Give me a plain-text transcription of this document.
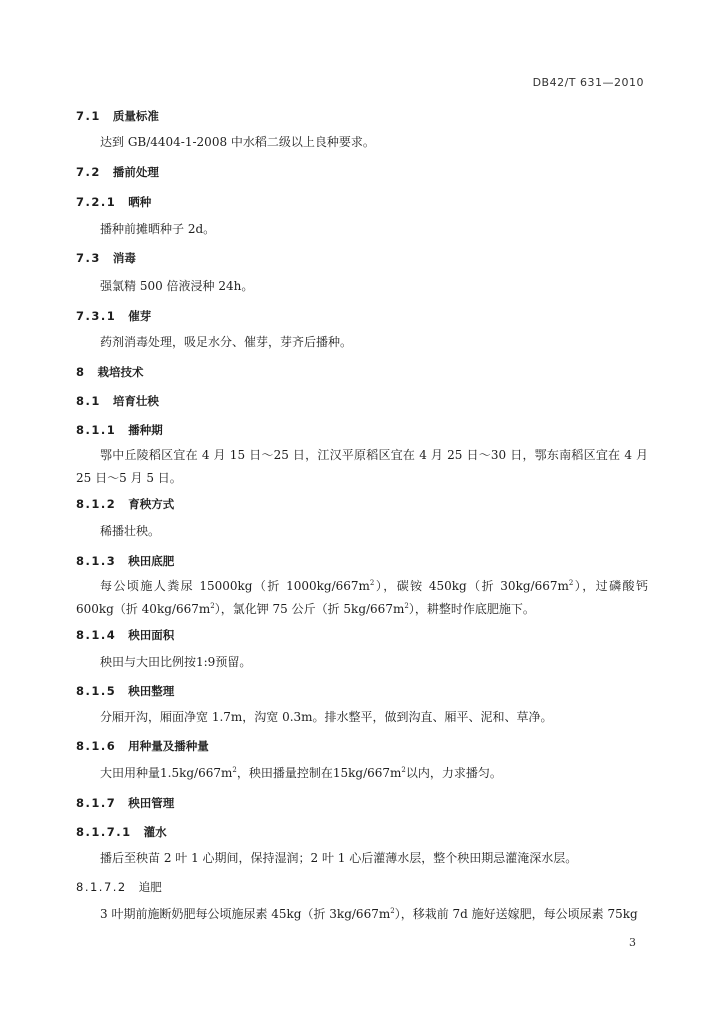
DB42/T 631—2010
7.1 质量标准
达到 GB/4404-1-2008 中水稻二级以上良种要求。
7.2 播前处理
7.2.1 晒种
播种前摊晒种子 2d。
7.3 消毒
强氯精 500 倍液浸种 24h。
7.3.1 催芽
药剂消毒处理，吸足水分、催芽，芽齐后播种。
8 栽培技术
8.1 培育壮秧
8.1.1 播种期
鄂中丘陵稻区宜在 4 月 15 日～25 日，江汉平原稻区宜在 4 月 25 日～30 日，鄂东南稻区宜在 4 月 25 日～5 月 5 日。
8.1.2 育秧方式
稀播壮秧。
8.1.3 秧田底肥
每公顷施人粪尿 15000kg（折 $1000kg/667m^2$），碳铵 450kg（折 $30kg/667m^2$），过磷酸钙 600kg（折 $40kg/667m^2$），氯化钾 75 公斤（折 $5kg/667m^2$），耕整时作底肥施下。
8.1.4 秧田面积
秧田与大田比例按1:9预留。
8.1.5 秧田整理
分厢开沟，厢面净宽 1.7m，沟宽 0.3m。排水整平，做到沟直、厢平、泥和、草净。
8.1.6 用种量及播种量
大田用种量$1.5kg/667m^2$，秧田播量控制在$15kg/667m^2$以内，力求播匀。
8.1.7 秧田管理
8.1.7.1 灌水
播后至秧苗 2 叶 1 心期间，保持湿润；2 叶 1 心后灌薄水层，整个秧田期忌灌淹深水层。
8.1.7.2 追肥
3 叶期前施断奶肥每公顷施尿素 45kg（折 $3kg/667m^2$），移栽前 7d 施好送嫁肥，每公顷尿素 75kg
3
